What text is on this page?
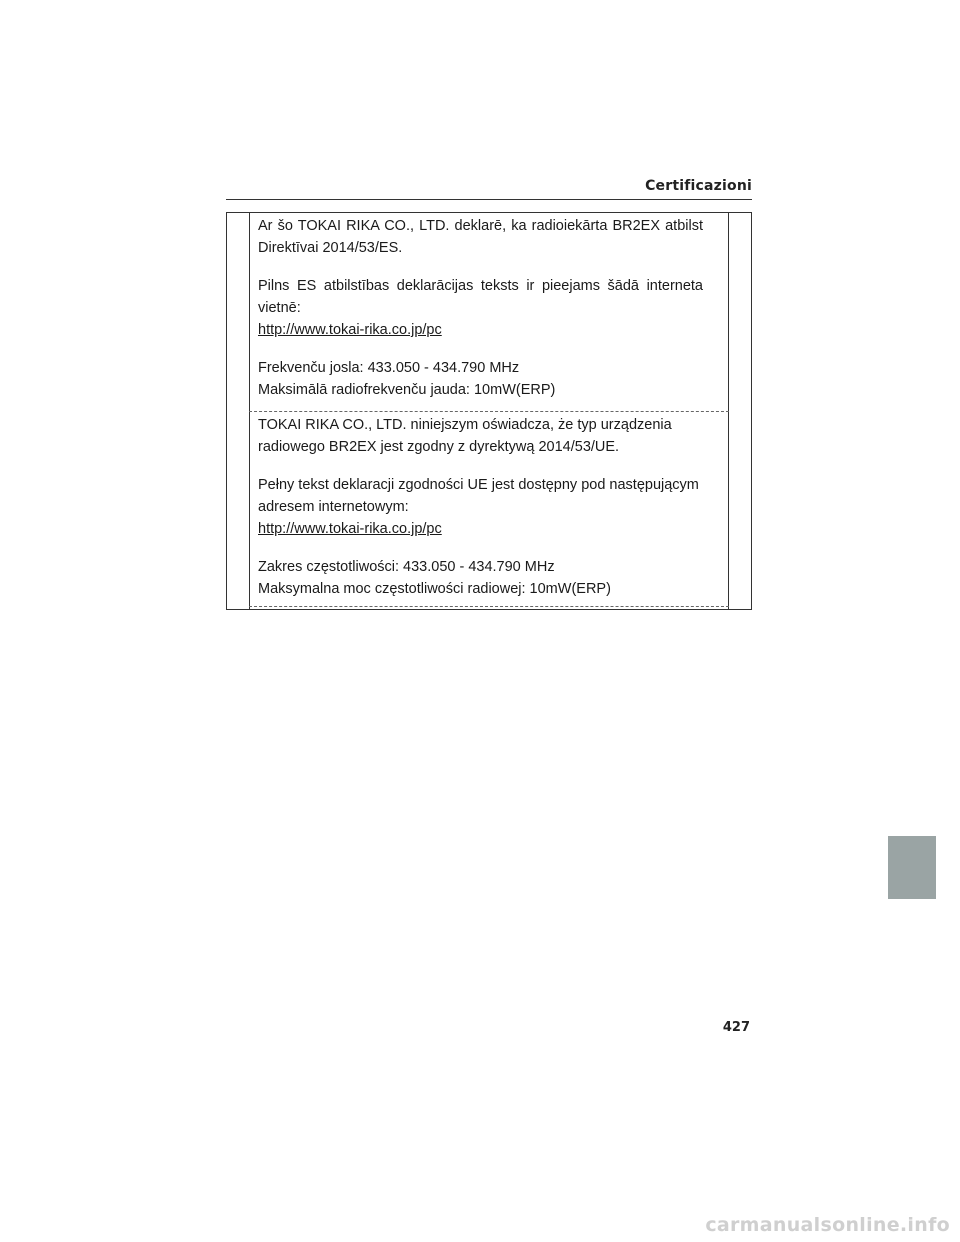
Certificazioni

Ar šo TOKAI RIKA CO., LTD. deklarē, ka radioiekārta BR2EX atbilst Direktīvai 2014/53/ES.

Pilns ES atbilstības deklarācijas teksts ir pieejams šādā interneta vietnē:

http://www.tokai-rika.co.jp/pc

Frekvenču josla: 433.050 - 434.790 MHz

Maksimālā radiofrekvenču jauda: 10mW(ERP)

TOKAI RIKA CO., LTD. niniejszym oświadcza, że typ urządzenia

radiowego BR2EX jest zgodny z dyrektywą 2014/53/UE.

Pełny tekst deklaracji zgodności UE jest dostępny pod następującym

adresem internetowym:

http://www.tokai-rika.co.jp/pc

Zakres częstotliwości: 433.050 - 434.790 MHz

Maksymalna moc częstotliwości radiowej: 10mW(ERP)

427
carmanualsonline.info
